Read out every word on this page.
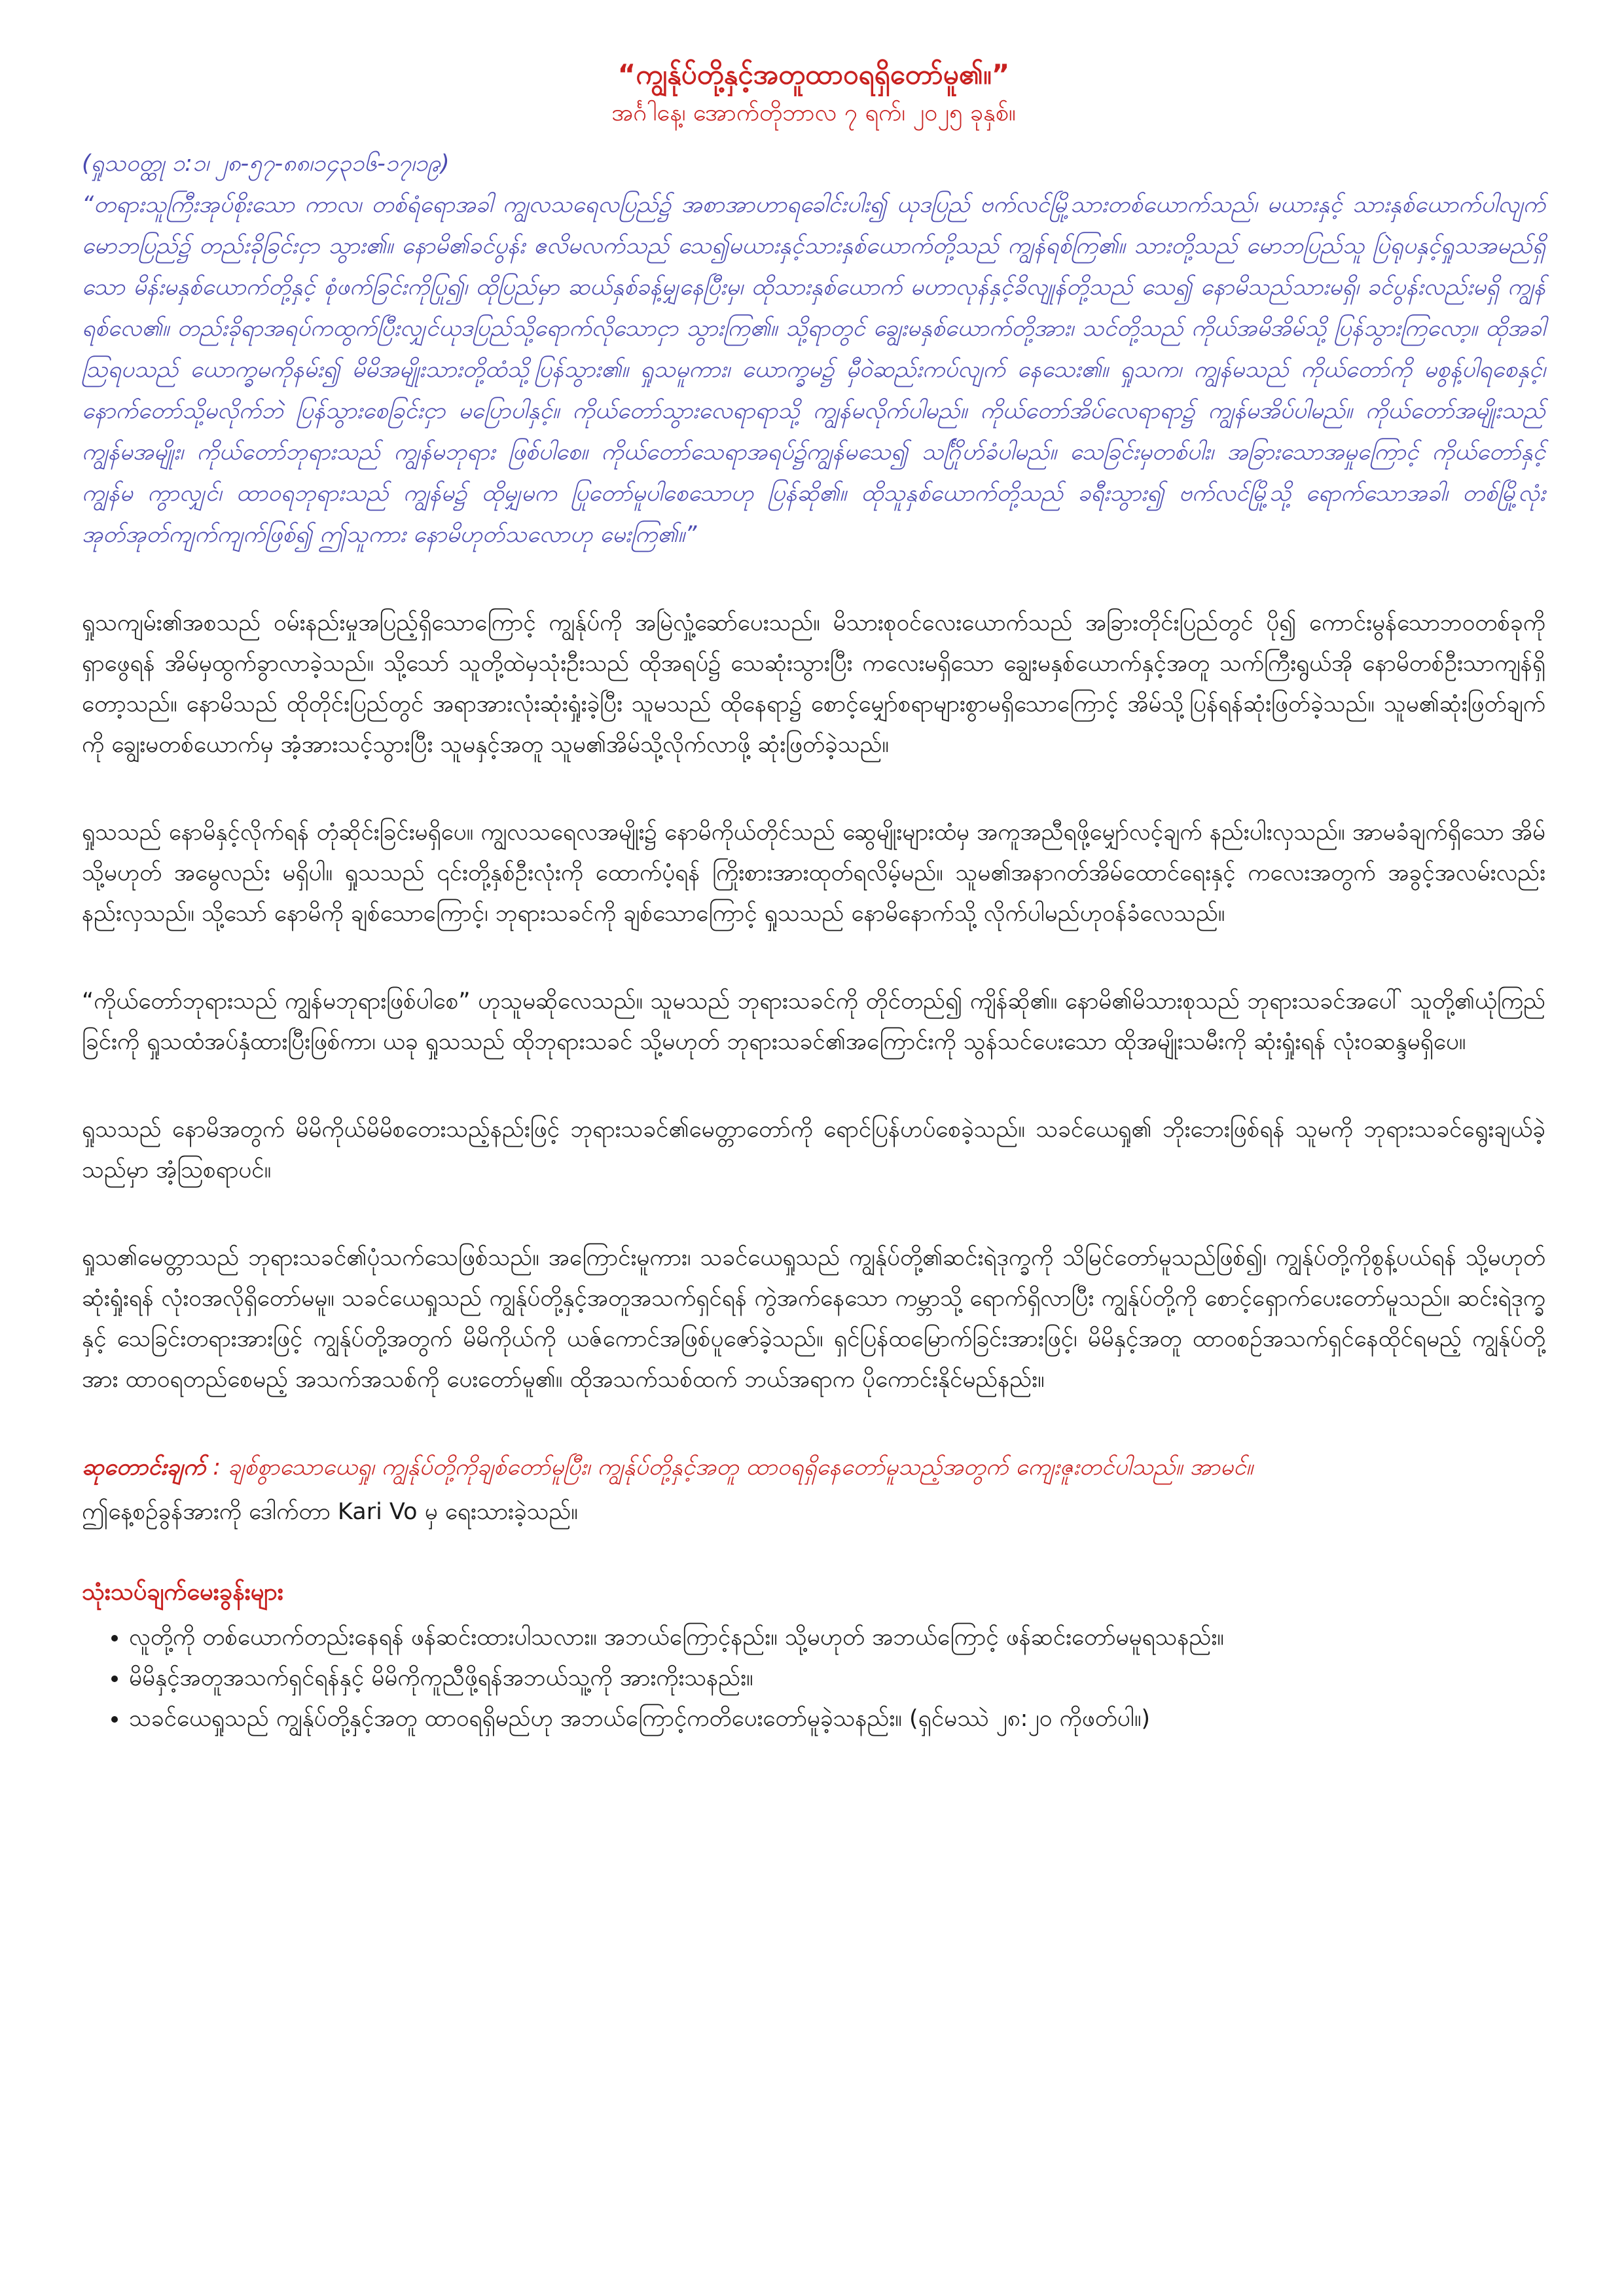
“ကျွန်ုပ်တို့နှင့်အတူထာဝရရှိတော်မူ၏။”

အင်္ဂါနေ့၊ အောက်တိုဘာလ ၇ ရက်၊ ၂၀၂၅ ခုနှစ်။

(ရှုသဝတ္ထု ၁:၁၊ ၂၈-၅၇-၈၈၊၁၄၃၁၆-၁၇၊၁၉)
“တရားသူကြီးအုပ်စိုးသော ကာလ၊ တစ်ရံရောအခါ ကျွလသရေလပြည်၌ အစာအာဟာရခေါင်းပါး၍ ယုဒပြည် ဗက်လင်မြို့သားတစ်ယောက်သည်၊ မယားနှင့် သားနှစ်ယောက်ပါလျက် မောဘပြည်၌ တည်းခိုခြင်းငှာ သွား၏။ နောမိ၏ခင်ပွန်း ဧလိမလက်သည် သေ၍မယားနှင့်သားနှစ်ယောက်တို့သည် ကျွန်ရစ်ကြ၏။ သားတို့သည် မောဘပြည်သူ ပြဲရုပနှင့်ရှုသအမည်ရှိသော မိန်းမနှစ်ယောက်တို့နှင့် စုံဖက်ခြင်းကိုပြု၍၊ ထိုပြည်မှာ ဆယ်နှစ်ခန့်မျှနေပြီးမှ၊ ထိုသားနှစ်ယောက် မဟာလုန်နှင့်ခိလျုန်တို့သည် သေ၍ နောမိသည်သားမရှိ၊ ခင်ပွန်းလည်းမရှိ ကျွန်ရစ်လေ၏။ တည်းခိုရာအရပ်ကထွက်ပြီးလျှင်ယုဒပြည်သို့ရောက်လိုသောငှာ သွားကြ၏။ သို့ရာတွင် ချွေးမနှစ်ယောက်တို့အား၊ သင်တို့သည် ကိုယ်အမိအိမ်သို့ ပြန်သွားကြလော့။ ထိုအခါဩရပသည် ယောက္ခမကိုနမ်း၍ မိမိအမျိုးသားတို့ထံသို့ပြန်သွား၏။ ရှုသမူကား၊ ယောက္ခမ၌ မှီဝဲဆည်းကပ်လျက် နေသေး၏။ ရှုသက၊ ကျွန်မသည် ကိုယ်တော်ကို မစွန့်ပါရစေနှင့်၊ နောက်တော်သို့မလိုက်ဘဲ ပြန်သွားစေခြင်းငှာ မပြောပါနှင့်။ ကိုယ်တော်သွားလေရာရာသို့ ကျွန်မလိုက်ပါမည်။ ကိုယ်တော်အိပ်လေရာရာ၌ ကျွန်မအိပ်ပါမည်။ ကိုယ်တော်အမျိုးသည် ကျွန်မအမျိုး၊ ကိုယ်တော်ဘုရားသည် ကျွန်မဘုရား ဖြစ်ပါစေ။ ကိုယ်တော်သေရာအရပ်၌ကျွန်မသေ၍ သင်္ဂြိုဟ်ခံပါမည်။ သေခြင်းမှတစ်ပါး၊ အခြားသောအမှုကြောင့် ကိုယ်တော်နှင့်ကျွန်မ ကွာလျှင်၊ ထာဝရဘုရားသည် ကျွန်မ၌ ထိုမျှမက ပြုတော်မူပါစေသောဟု ပြန်ဆို၏။ ထိုသူနှစ်ယောက်တို့သည် ခရီးသွား၍ ဗက်လင်မြို့သို့ ရောက်သောအခါ၊ တစ်မြို့လုံး အုတ်အုတ်ကျက်ကျက်ဖြစ်၍ ဤသူကား နောမိဟုတ်သလောဟု မေးကြ၏။”

ရှုသကျမ်း၏အစသည် ဝမ်းနည်းမှုအပြည့်ရှိသောကြောင့် ကျွန်ုပ်ကို အမြဲလှုံ့ဆော်ပေးသည်။ မိသားစုဝင်လေးယောက်သည် အခြားတိုင်းပြည်တွင် ပို၍ ကောင်းမွန်သောဘဝတစ်ခုကို ရှာဖွေရန် အိမ်မှထွက်ခွာလာခဲ့သည်။ သို့သော် သူတို့ထဲမှသုံးဦးသည် ထိုအရပ်၌ သေဆုံးသွားပြီး ကလေးမရှိသော ချွေးမနှစ်ယောက်နှင့်အတူ သက်ကြီးရွယ်အို နောမိတစ်ဦးသာကျန်ရှိတော့သည်။ နောမိသည် ထိုတိုင်းပြည်တွင် အရာအားလုံးဆုံးရှုံးခဲ့ပြီး သူမသည် ထိုနေရာ၌ စောင့်မျှော်စရာများစွာမရှိသောကြောင့် အိမ်သို့ပြန်ရန်ဆုံးဖြတ်ခဲ့သည်။ သူမ၏ဆုံးဖြတ်ချက်ကို ချွေးမတစ်ယောက်မှ အံ့အားသင့်သွားပြီး သူမနှင့်အတူ သူမ၏အိမ်သို့လိုက်လာဖို့ ဆုံးဖြတ်ခဲ့သည်။

ရှုသသည် နောမိနှင့်လိုက်ရန် တုံဆိုင်းခြင်းမရှိပေ။ ကျွလသရေလအမျိုး၌ နောမိကိုယ်တိုင်သည် ဆွေမျိုးများထံမှ အကူအညီရဖို့မျှော်လင့်ချက် နည်းပါးလှသည်။ အာမခံချက်ရှိသော အိမ် သို့မဟုတ် အမွေလည်း မရှိပါ။ ရှုသသည် ၎င်းတို့နှစ်ဦးလုံးကို ထောက်ပံ့ရန် ကြိုးစားအားထုတ်ရလိမ့်မည်။ သူမ၏အနာဂတ်အိမ်ထောင်ရေးနှင့် ကလေးအတွက် အခွင့်အလမ်းလည်း နည်းလှသည်။ သို့သော် နောမိကို ချစ်သောကြောင့်၊ ဘုရားသခင်ကို ချစ်သောကြောင့် ရှုသသည် နောမိနောက်သို့ လိုက်ပါမည်ဟုဝန်ခံလေသည်။

“ကိုယ်တော်ဘုရားသည် ကျွန်မဘုရားဖြစ်ပါစေ” ဟုသူမဆိုလေသည်။ သူမသည် ဘုရားသခင်ကို တိုင်တည်၍ ကျိန်ဆို၏။ နောမိ၏မိသားစုသည် ဘုရားသခင်အပေါ် သူတို့၏ယုံကြည်ခြင်းကို ရှုသထံအပ်နှံထားပြီးဖြစ်ကာ၊ ယခု ရှုသသည် ထိုဘုရားသခင် သို့မဟုတ် ဘုရားသခင်၏အကြောင်းကို သွန်သင်ပေးသော ထိုအမျိုးသမီးကို ဆုံးရှုံးရန် လုံးဝဆန္ဒမရှိပေ။

ရှုသသည် နောမိအတွက် မိမိကိုယ်မိမိစတေးသည့်နည်းဖြင့် ဘုရားသခင်၏မေတ္တာတော်ကို ရောင်ပြန်ဟပ်စေခဲ့သည်။ သခင်ယေရှု၏ ဘိုးဘေးဖြစ်ရန် သူမကို ဘုရားသခင်ရွေးချယ်ခဲ့သည်မှာ အံ့ဩစရာပင်။

ရှုသ၏မေတ္တာသည် ဘုရားသခင်၏ပုံသက်သေဖြစ်သည်။ အကြောင်းမူကား၊ သခင်ယေရှုသည် ကျွန်ုပ်တို့၏ဆင်းရဲဒုက္ခကို သိမြင်တော်မူသည်ဖြစ်၍၊ ကျွန်ုပ်တို့ကိုစွန့်ပယ်ရန် သို့မဟုတ် ဆုံးရှုံးရန် လုံးဝအလိုရှိတော်မမူ။ သခင်ယေရှုသည် ကျွန်ုပ်တို့နှင့်အတူအသက်ရှင်ရန် ကွဲအက်နေသော ကမ္ဘာသို့ ရောက်ရှိလာပြီး ကျွန်ုပ်တို့ကို စောင့်ရှောက်ပေးတော်မူသည်။ ဆင်းရဲဒုက္ခနှင့် သေခြင်းတရားအားဖြင့် ကျွန်ုပ်တို့အတွက် မိမိကိုယ်ကို ယဇ်ကောင်အဖြစ်ပူဇော်ခဲ့သည်။ ရှင်ပြန်ထမြောက်ခြင်းအားဖြင့်၊ မိမိနှင့်အတူ ထာဝစဉ်အသက်ရှင်နေထိုင်ရမည့် ကျွန်ုပ်တို့အား ထာဝရတည်စေမည့် အသက်အသစ်ကို ပေးတော်မူ၏။ ထိုအသက်သစ်ထက် ဘယ်အရာက ပိုကောင်းနိုင်မည်နည်း။

ဆုတောင်းချက် : ချစ်စွာသောယေရှု၊ ကျွန်ုပ်တို့ကိုချစ်တော်မူပြီး၊ ကျွန်ုပ်တို့နှင့်အတူ ထာဝရရှိနေတော်မူသည့်အတွက် ကျေးဇူးတင်ပါသည်။ အာမင်။

ဤနေ့စဉ်ခွန်အားကို ဒေါက်တာ Kari Vo မှ ရေးသားခဲ့သည်။

သုံးသပ်ချက်မေးခွန်းများ
• လူတို့ကို တစ်ယောက်တည်းနေရန် ဖန်ဆင်းထားပါသလား။ အဘယ်ကြောင့်နည်း။ သို့မဟုတ် အဘယ်ကြောင့် ဖန်ဆင်းတော်မမူရသနည်း။
• မိမိနှင့်အတူအသက်ရှင်ရန်နှင့် မိမိကိုကူညီဖို့ရန်အဘယ်သူ့ကို အားကိုးသနည်း။
• သခင်ယေရှုသည် ကျွန်ုပ်တို့နှင့်အတူ ထာဝရရှိမည်ဟု အဘယ်ကြောင့်ကတိပေးတော်မူခဲ့သနည်း။ (ရှင်မဿဲ ၂၈:၂၀ ကိုဖတ်ပါ။)
